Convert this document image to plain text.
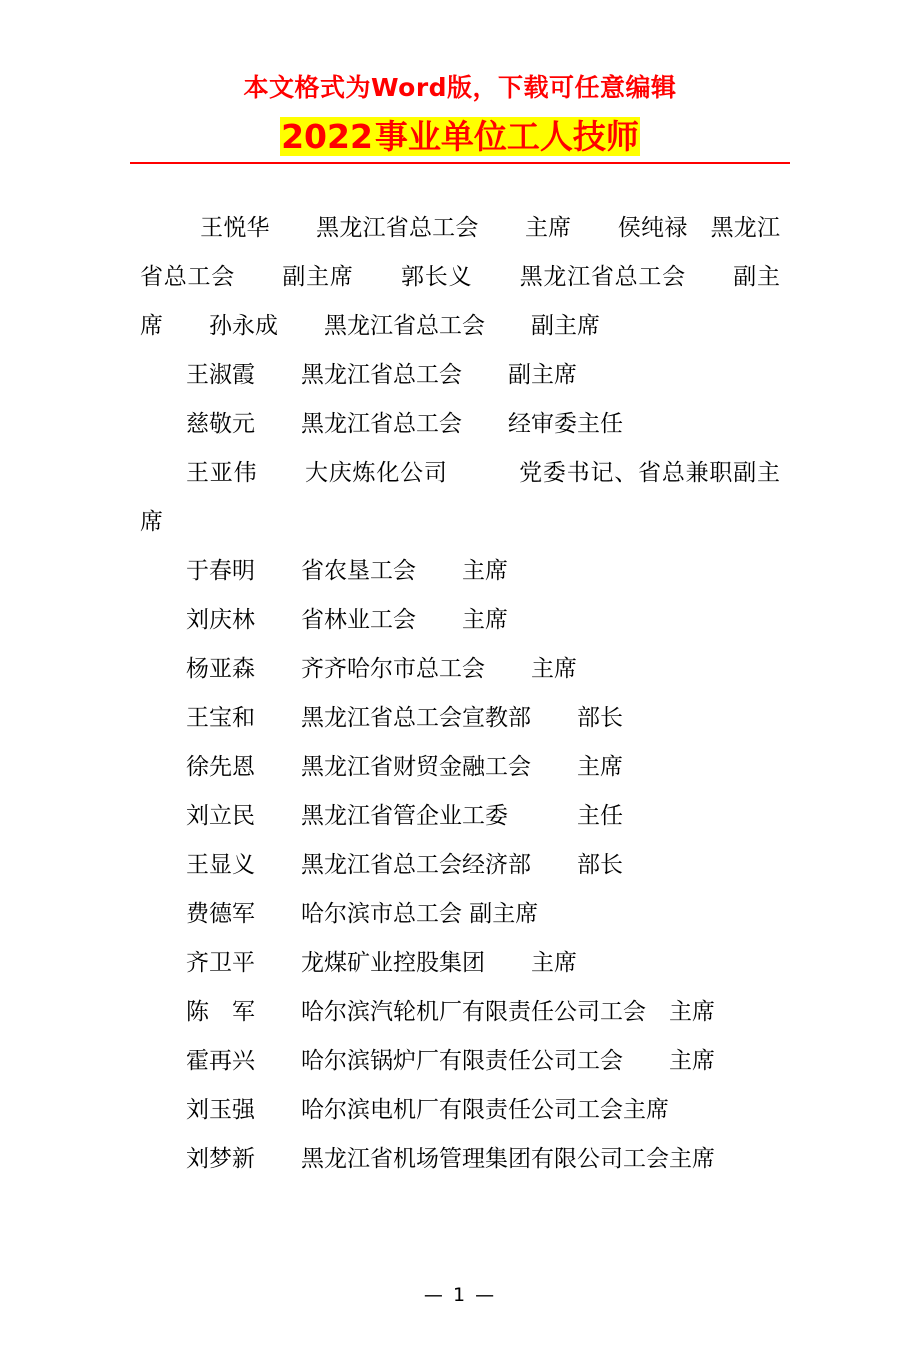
本文格式为Word版，下载可任意编辑
2022事业单位工人技师

王悦华　　黑龙江省总工会　　主席　　侯纯禄　黑龙江省总工会　　副主席　　郭长义　　黑龙江省总工会　　副主席　　孙永成　　黑龙江省总工会　　副主席

王淑霞　　黑龙江省总工会　　副主席

慈敬元　　黑龙江省总工会　　经审委主任

王亚伟　　大庆炼化公司　　　党委书记、省总兼职副主席

于春明　　省农垦工会　　主席

刘庆林　　省林业工会　　主席

杨亚森　　齐齐哈尔市总工会　　主席

王宝和　　黑龙江省总工会宣教部　　部长

徐先恩　　黑龙江省财贸金融工会　　主席

刘立民　　黑龙江省管企业工委　　　主任

王显义　　黑龙江省总工会经济部　　部长

费德军　　哈尔滨市总工会 副主席

齐卫平　　龙煤矿业控股集团　　主席

陈　军　　哈尔滨汽轮机厂有限责任公司工会　主席

霍再兴　　哈尔滨锅炉厂有限责任公司工会　　主席

刘玉强　　哈尔滨电机厂有限责任公司工会主席

刘梦新　　黑龙江省机场管理集团有限公司工会主席

— 1 —
